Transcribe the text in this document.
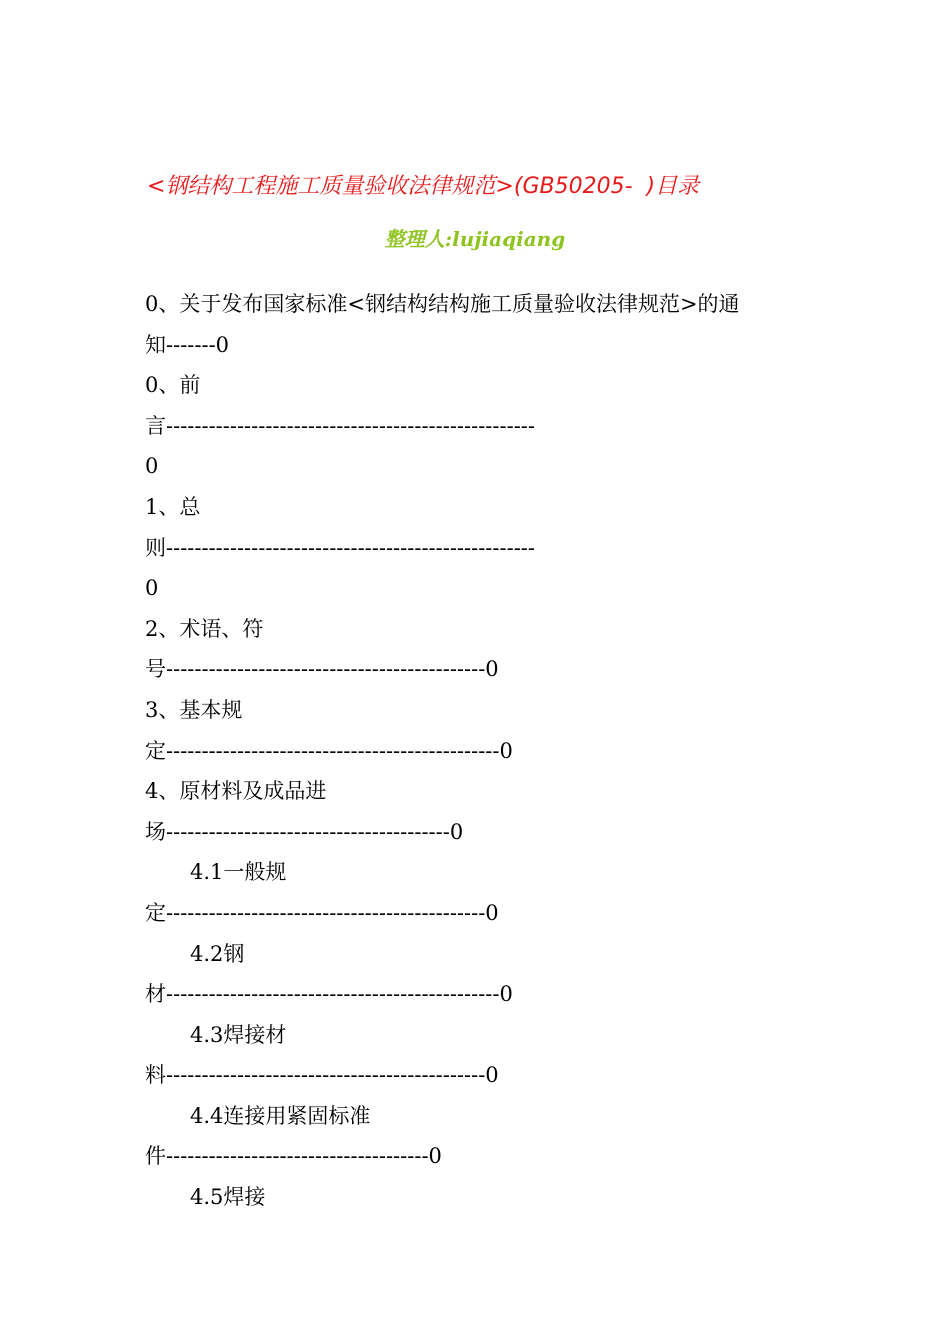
<钢结构工程施工质量验收法律规范>(GB50205-  )目录
整理人:lujiaqiang
0、关于发布国家标准<钢结构结构施工质量验收法律规范>的通
知-------0
0、前
言----------------------------------------------------
0
1、总
则----------------------------------------------------
0
2、术语、符
号---------------------------------------------0
3、基本规
定-----------------------------------------------0
4、原材料及成品进
场----------------------------------------0
4.1一般规
定---------------------------------------------0
4.2钢
材-----------------------------------------------0
4.3焊接材
料---------------------------------------------0
4.4连接用紧固标准
件-------------------------------------0
4.5焊接
